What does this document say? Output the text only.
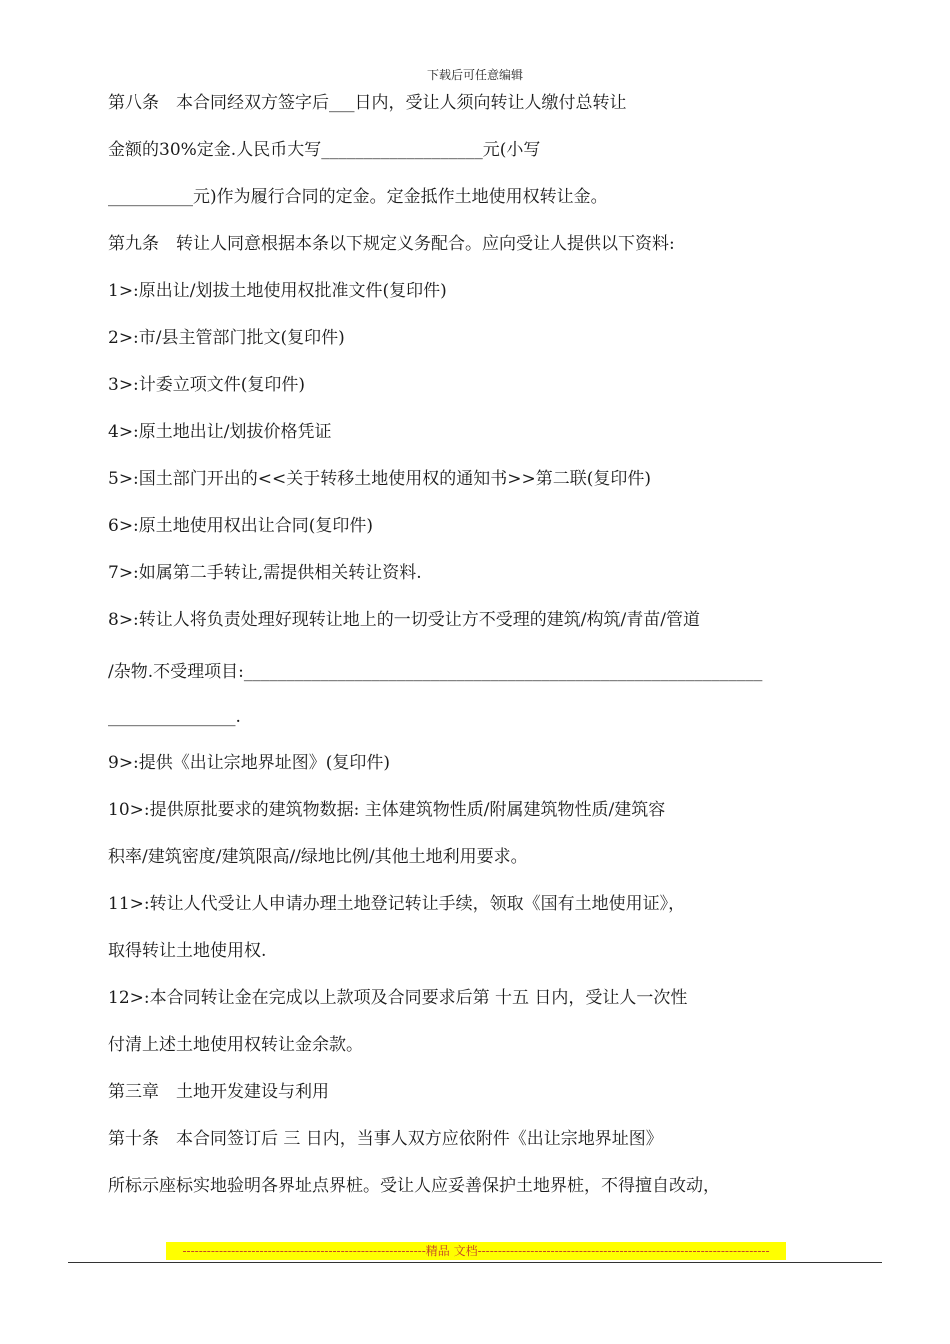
下载后可任意编辑
第八条　本合同经双方签字后___日内，受让人须向转让人缴付总转让
金额的30%定金.人民币大写___________________元(小写
__________元)作为履行合同的定金。定金抵作土地使用权转让金。
第九条　转让人同意根据本条以下规定义务配合。应向受让人提供以下资料:
1>:原出让/划拔土地使用权批准文件(复印件)
2>:市/县主管部门批文(复印件)
3>:计委立项文件(复印件)
4>:原土地出让/划拔价格凭证
5>:国土部门开出的<<关于转移土地使用权的通知书>>第二联(复印件)
6>:原土地使用权出让合同(复印件)
7>:如属第二手转让,需提供相关转让资料.
8>:转让人将负责处理好现转让地上的一切受让方不受理的建筑/构筑/青苗/管道
/杂物.不受理项目:_____________________________________________________________
_______________.
9>:提供《出让宗地界址图》(复印件)
10>:提供原批要求的建筑物数据: 主体建筑物性质/附属建筑物性质/建筑容
积率/建筑密度/建筑限高//绿地比例/其他土地利用要求。
11>:转让人代受让人申请办理土地登记转让手续，领取《国有土地使用证》，
取得转让土地使用权.
12>:本合同转让金在完成以上款项及合同要求后第 十五 日内，受让人一次性
付清上述土地使用权转让金余款。
第三章　土地开发建设与利用
第十条　本合同签订后 三 日内，当事人双方应依附件《出让宗地界址图》
所标示座标实地验明各界址点界桩。受让人应妥善保护土地界桩，不得擅自改动，
------------------------------------------------------------精品 文档------------------------------------------------------------------------
